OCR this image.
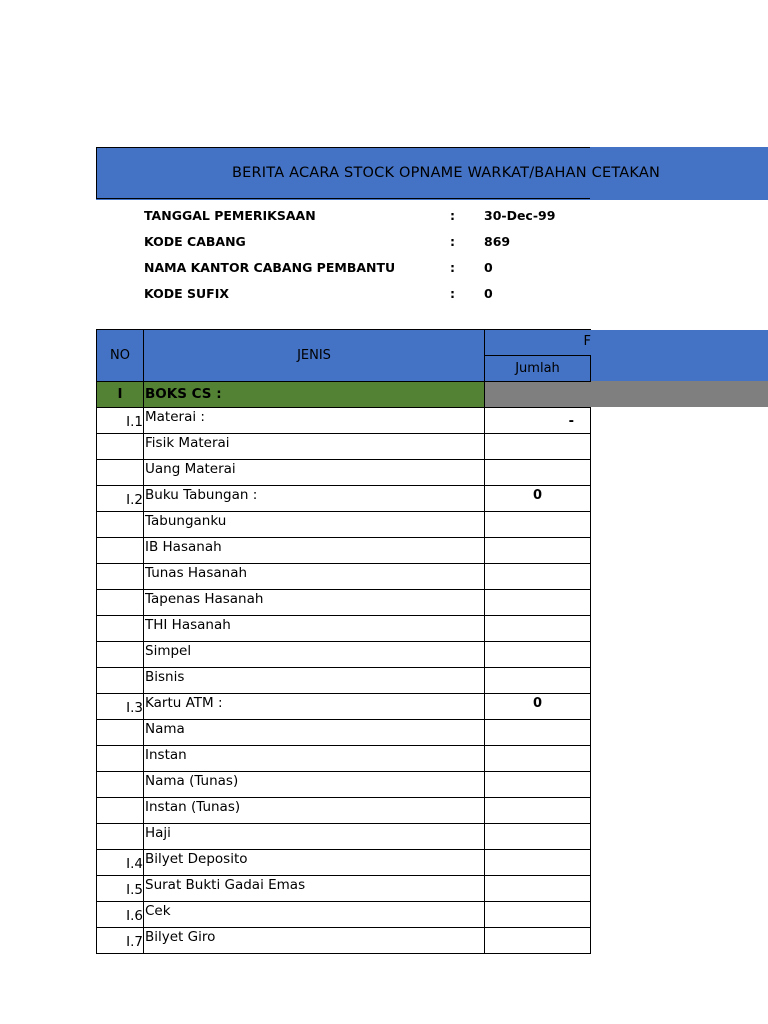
BERITA ACARA STOCK OPNAME WARKAT/BAHAN CETAKAN
TANGGAL PEMERIKSAAN	: 30-Dec-99
KODE CABANG	: 869
NAMA KANTOR CABANG PEMBANTU	: 0
KODE SUFIX	: 0
NO	JENIS
F
Jumlah
I	BOKS CS :
I.1 Materai :	-
Fisik Materai
Uang Materai
I.2 Buku Tabungan :	0
Tabunganku
IB Hasanah
Tunas Hasanah
Tapenas Hasanah
THI Hasanah
Simpel
Bisnis
I.3 Kartu ATM :	0
Nama
Instan
Nama (Tunas)
Instan (Tunas)
Haji
I.4 Bilyet Deposito
I.5 Surat Bukti Gadai Emas
I.6 Cek
I.7 Bilyet Giro
